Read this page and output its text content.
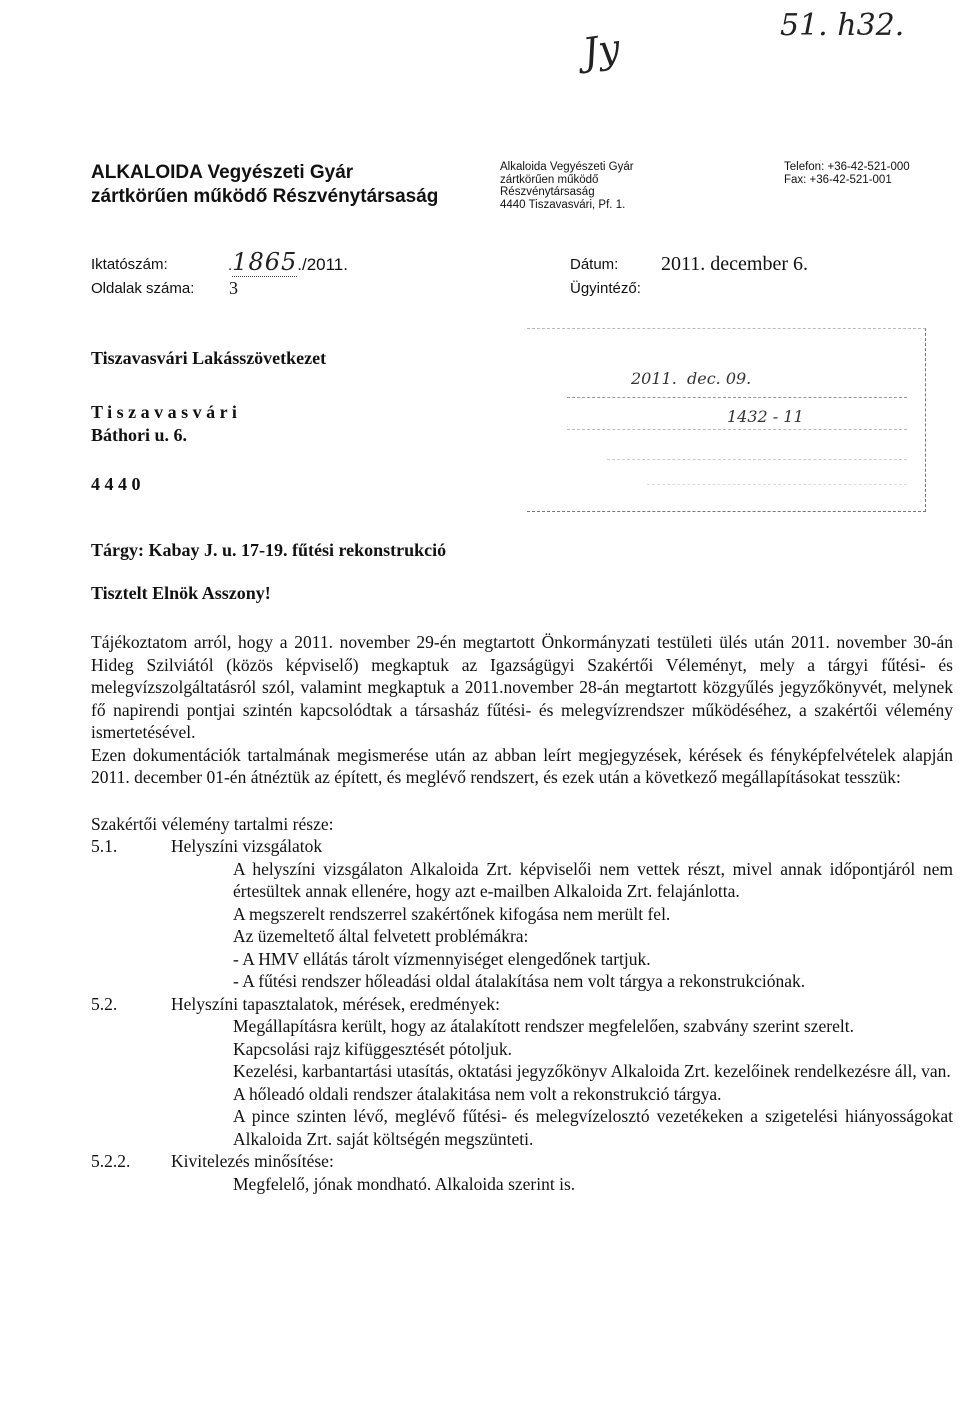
Jy
51. h32.
ALKALOIDA Vegyészeti Gyár
zártkörűen működő Részvénytársaság
Alkaloida Vegyészeti Gyár
zártkörűen működő
Részvénytársaság
4440 Tiszavasvári, Pf. 1.
Telefon: +36-42-521-000
Fax: +36-42-521-001
Iktatószám:	. 1865 ./2011.
Oldalak száma: 3
Dátum: 2011. december 6.
Ügyintéző:
2011.  dec. 09.
1432 - 11
Tiszavasvári Lakásszövetkezet
T i s z a v a s v á r i
Báthori u. 6.
4 4 4 0
Tárgy: Kabay J. u. 17-19. fűtési rekonstrukció
Tisztelt Elnök Asszony!
Tájékoztatom arról, hogy a 2011. november 29-én megtartott Önkormányzati testületi ülés után 2011. november 30-án Hideg Szilviától (közös képviselő) megkaptuk az Igazságügyi Szakértői Véleményt, mely a tárgyi fűtési- és melegvízszolgáltatásról szól, valamint megkaptuk a 2011.november 28-án megtartott közgyűlés jegyzőkönyvét, melynek fő napirendi pontjai szintén kapcsolódtak a társasház fűtési- és melegvízrendszer működéséhez, a szakértői vélemény ismertetésével.
Ezen dokumentációk tartalmának megismerése után az abban leírt megjegyzések, kérések és fényképfelvételek alapján 2011. december 01-én átnéztük az épített, és meglévő rendszert, és ezek után a következő megállapításokat tesszük:
Szakértői vélemény tartalmi része:
5.1.	Helyszíni vizsgálatok
A helyszíni vizsgálaton Alkaloida Zrt. képviselői nem vettek részt, mivel annak időpontjáról nem értesültek annak ellenére, hogy azt e-mailben Alkaloida Zrt. felajánlotta.
A megszerelt rendszerrel szakértőnek kifogása nem merült fel.
Az üzemeltető által felvetett problémákra:
- A HMV ellátás tárolt vízmennyiséget elengedőnek tartjuk.
- A fűtési rendszer hőleadási oldal átalakítása nem volt tárgya a rekonstrukciónak.
5.2.	Helyszíni tapasztalatok, mérések, eredmények:
Megállapításra került, hogy az átalakított rendszer megfelelően, szabvány szerint szerelt.
Kapcsolási rajz kifüggesztését pótoljuk.
Kezelési, karbantartási utasítás, oktatási jegyzőkönyv Alkaloida Zrt. kezelőinek rendelkezésre áll, van.
A hőleadó oldali rendszer átalakitása nem volt a rekonstrukció tárgya.
A pince szinten lévő, meglévő fűtési- és melegvízelosztó vezetékeken a szigetelési hiányosságokat Alkaloida Zrt. saját költségén megszünteti.
5.2.2.	Kivitelezés minősítése:
Megfelelő, jónak mondható. Alkaloida szerint is.
